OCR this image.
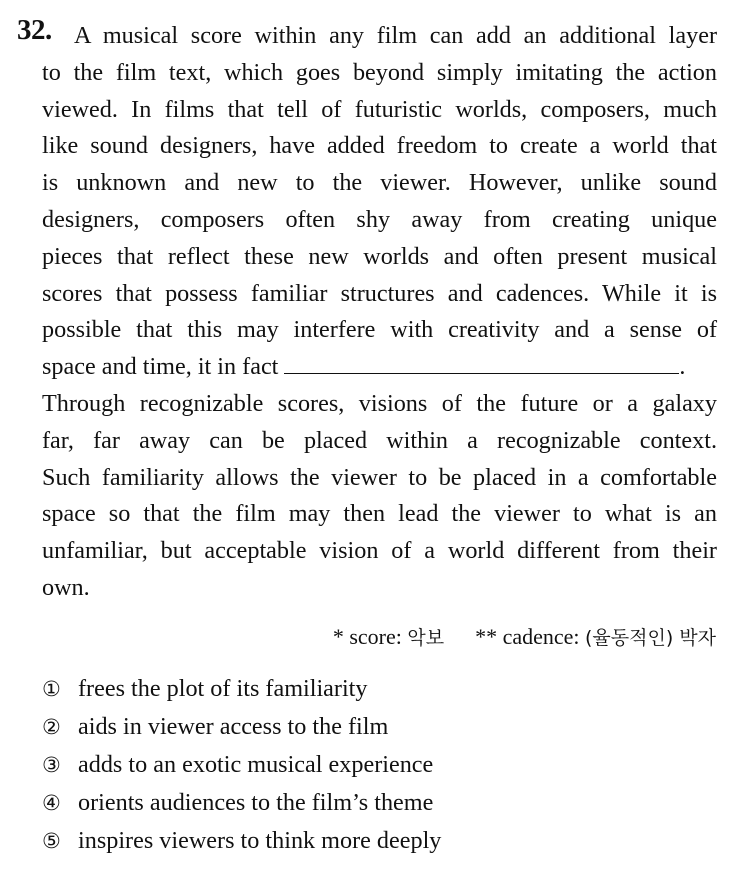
32. A musical score within any film can add an additional layer
to the film text, which goes beyond simply imitating the action
viewed. In films that tell of futuristic worlds, composers, much
like sound designers, have added freedom to create a world that
is unknown and new to the viewer. However, unlike sound
designers, composers often shy away from creating unique
pieces that reflect these new worlds and often present musical
scores that possess familiar structures and cadences. While it is
possible that this may interfere with creativity and a sense of
space and time, it in fact	.
Through recognizable scores, visions of the future or a galaxy
far, far away can be placed within a recognizable context.
Such familiarity allows the viewer to be placed in a comfortable
space so that the film may then lead the viewer to what is an
unfamiliar, but acceptable vision of a world different from their
own.
* score: 악보 ** cadence: (율동적인) 박자
① frees the plot of its familiarity
② aids in viewer access to the film
③ adds to an exotic musical experience
④ orients audiences to the film’s theme
⑤ inspires viewers to think more deeply
